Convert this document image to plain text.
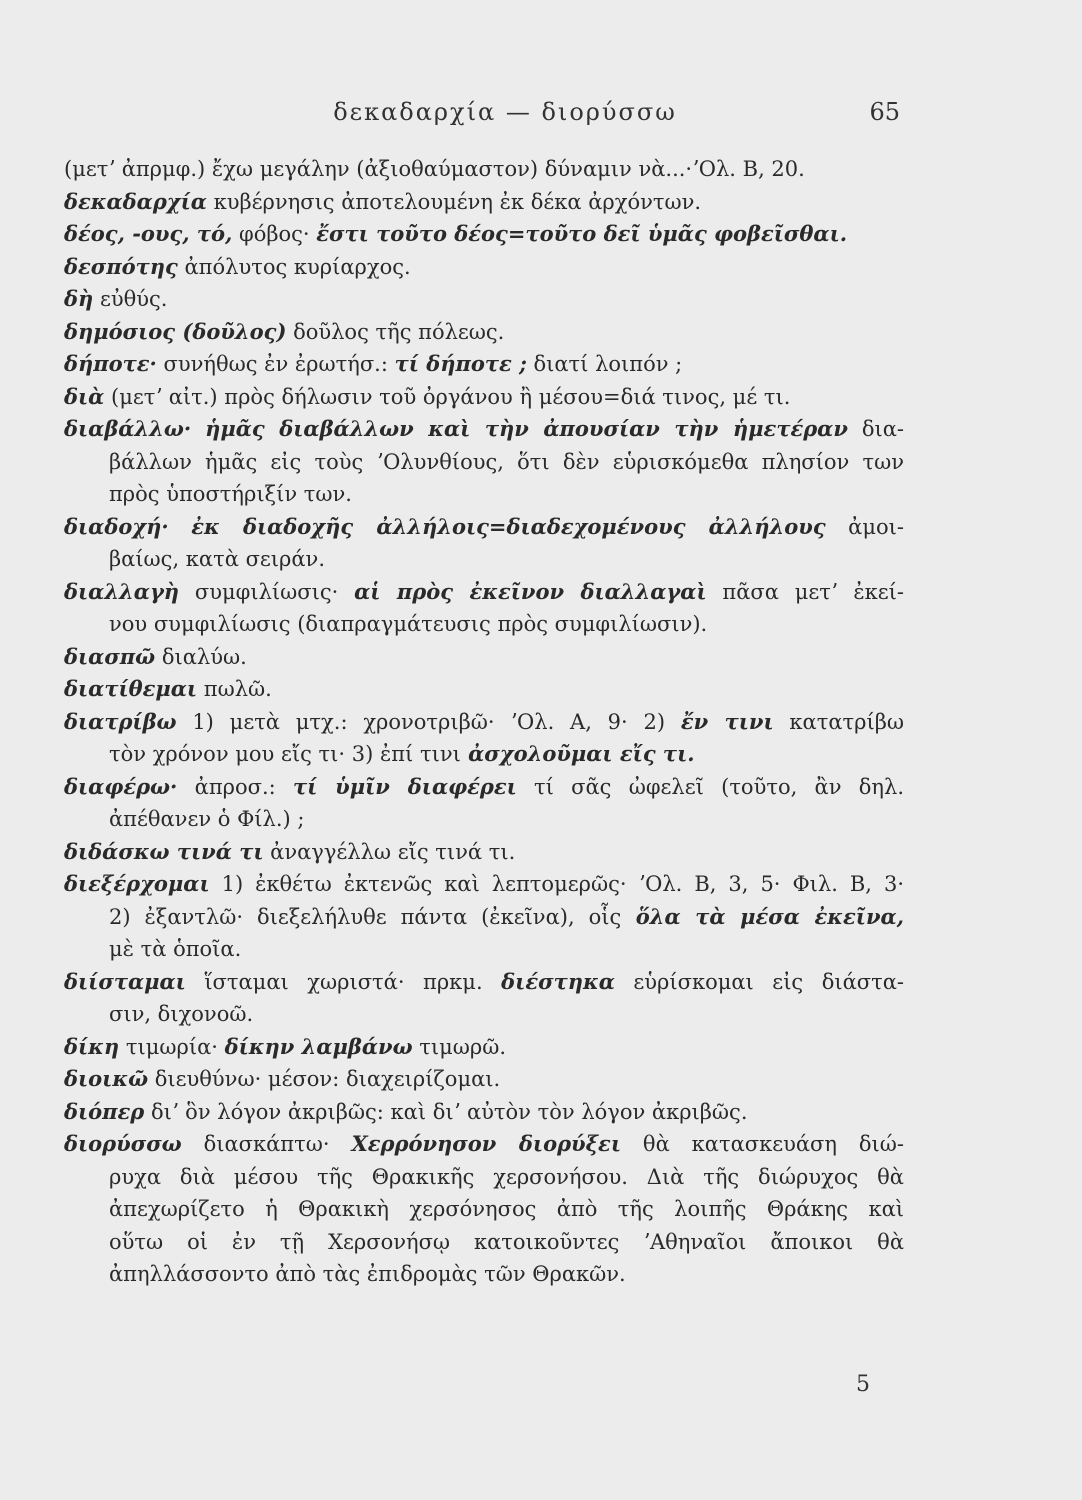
δεκαδαρχία — διορύσσω	65
(μετʼ ἀπρμφ.) ἔχω μεγάλην (ἀξιοθαύμαστον) δύναμιν νὰ...·ʼΟλ. Β, 20.
δεκαδαρχία κυβέρνησις ἀποτελουμένη ἐκ δέκα ἀρχόντων.
δέος, -ους, τό, φόβος· ἔστι τοῦτο δέος=τοῦτο δεῖ ὑμᾶς φοβεῖσθαι.
δεσπότης ἀπόλυτος κυρίαρχος.
δὴ εὐθύς.
δημόσιος (δοῦλος) δοῦλος τῆς πόλεως.
δήποτε· συνήθως ἐν ἐρωτήσ.: τί δήποτε ; διατί λοιπόν ;
διὰ (μετʼ αἰτ.) πρὸς δήλωσιν τοῦ ὀργάνου ἢ μέσου=διά τινος, μέ τι.
διαβάλλω· ἡμᾶς διαβάλλων καὶ τὴν ἀπουσίαν τὴν ἡμετέραν δια-
βάλλων ἡμᾶς εἰς τοὺς ʼΟλυνθίους, ὅτι δὲν εὑρισκόμεθα πλησίον των
πρὸς ὑποστήριξίν των.
διαδοχή· ἐκ διαδοχῆς ἀλλήλοις=διαδεχομένους ἀλλήλους ἀμοι-
βαίως, κατὰ σειράν.
διαλλαγὴ συμφιλίωσις· αἱ πρὸς ἐκεῖνον διαλλαγαὶ πᾶσα μετʼ ἐκεί-
νου συμφιλίωσις (διαπραγμάτευσις πρὸς συμφιλίωσιν).
διασπῶ διαλύω.
διατίθεμαι πωλῶ.
διατρίβω 1) μετὰ μτχ.: χρονοτριβῶ· ʼΟλ. Α, 9· 2) ἔν τινι κατατρίβω
τὸν χρόνον μου εἴς τι· 3) ἐπί τινι ἀσχολοῦμαι εἴς τι.
διαφέρω· ἀπροσ.: τί ὑμῖν διαφέρει τί σᾶς ὠφελεῖ (τοῦτο, ἂν δηλ.
ἀπέθανεν ὁ Φίλ.) ;
διδάσκω τινά τι ἀναγγέλλω εἴς τινά τι.
διεξέρχομαι 1) ἐκθέτω ἐκτενῶς καὶ λεπτομερῶς· ʼΟλ. Β, 3, 5· Φιλ. Β, 3·
2) ἐξαντλῶ· διεξελήλυθε πάντα (ἐκεῖνα), οἷς ὅλα τὰ μέσα ἐκεῖνα,
μὲ τὰ ὁποῖα.
διίσταμαι ἵσταμαι χωριστά· πρκμ. διέστηκα εὑρίσκομαι εἰς διάστα-
σιν, διχονοῶ.
δίκη τιμωρία· δίκην λαμβάνω τιμωρῶ.
διοικῶ διευθύνω· μέσον: διαχειρίζομαι.
διόπερ διʼ ὃν λόγον ἀκριβῶς: καὶ διʼ αὐτὸν τὸν λόγον ἀκριβῶς.
διορύσσω διασκάπτω· Χερρόνησον διορύξει θὰ κατασκευάση διώ-
ρυχα διὰ μέσου τῆς Θρακικῆς χερσονήσου. Διὰ τῆς διώρυχος θὰ
ἀπεχωρίζετο ἡ Θρακικὴ χερσόνησος ἀπὸ τῆς λοιπῆς Θράκης καὶ
οὕτω οἱ ἐν τῇ Χερσονήσῳ κατοικοῦντες ʼΑθηναῖοι ἄποικοι θὰ
ἀπηλλάσσοντο ἀπὸ τὰς ἐπιδρομὰς τῶν Θρακῶν.
5
